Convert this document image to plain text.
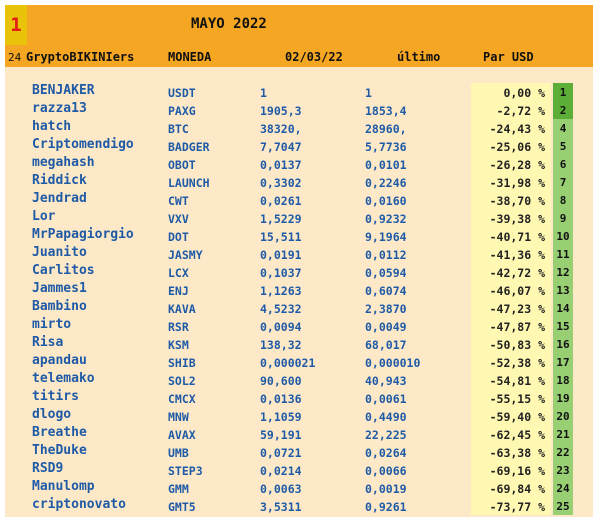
1	MAYO 2022
24 GryptoBIKINIers	MONEDA	02/03/22	último	Par USD
BENJAKER	USDT	1	1	0,00 %	1
razza13	PAXG	1905,3	1853,4	-2,72 %	2
hatch	BTC	38320,	28960,	-24,43 %	4
Criptomendigo	BADGER	7,7047	5,7736	-25,06 %	5
megahash	OBOT	0,0137	0,0101	-26,28 %	6
Riddick	LAUNCH	0,3302	0,2246	-31,98 %	7
Jendrad	CWT	0,0261	0,0160	-38,70 %	8
Lor	VXV	1,5229	0,9232	-39,38 %	9
MrPapagiorgio	DOT	15,511	9,1964	-40,71 %	10
Juanito	JASMY	0,0191	0,0112	-41,36 %	11
Carlitos	LCX	0,1037	0,0594	-42,72 %	12
Jammes1	ENJ	1,1263	0,6074	-46,07 %	13
Bambino	KAVA	4,5232	2,3870	-47,23 %	14
mirto	RSR	0,0094	0,0049	-47,87 %	15
Risa	KSM	138,32	68,017	-50,83 %	16
apandau	SHIB	0,000021	0,000010	-52,38 %	17
telemako	SOL2	90,600	40,943	-54,81 %	18
titirs	CMCX	0,0136	0,0061	-55,15 %	19
dlogo	MNW	1,1059	0,4490	-59,40 %	20
Breathe	AVAX	59,191	22,225	-62,45 %	21
TheDuke	UMB	0,0721	0,0264	-63,38 %	22
RSD9	STEP3	0,0214	0,0066	-69,16 %	23
Manulomp	GMM	0,0063	0,0019	-69,84 %	24
criptonovato	GMT5	3,5311	0,9261	-73,77 %	25
